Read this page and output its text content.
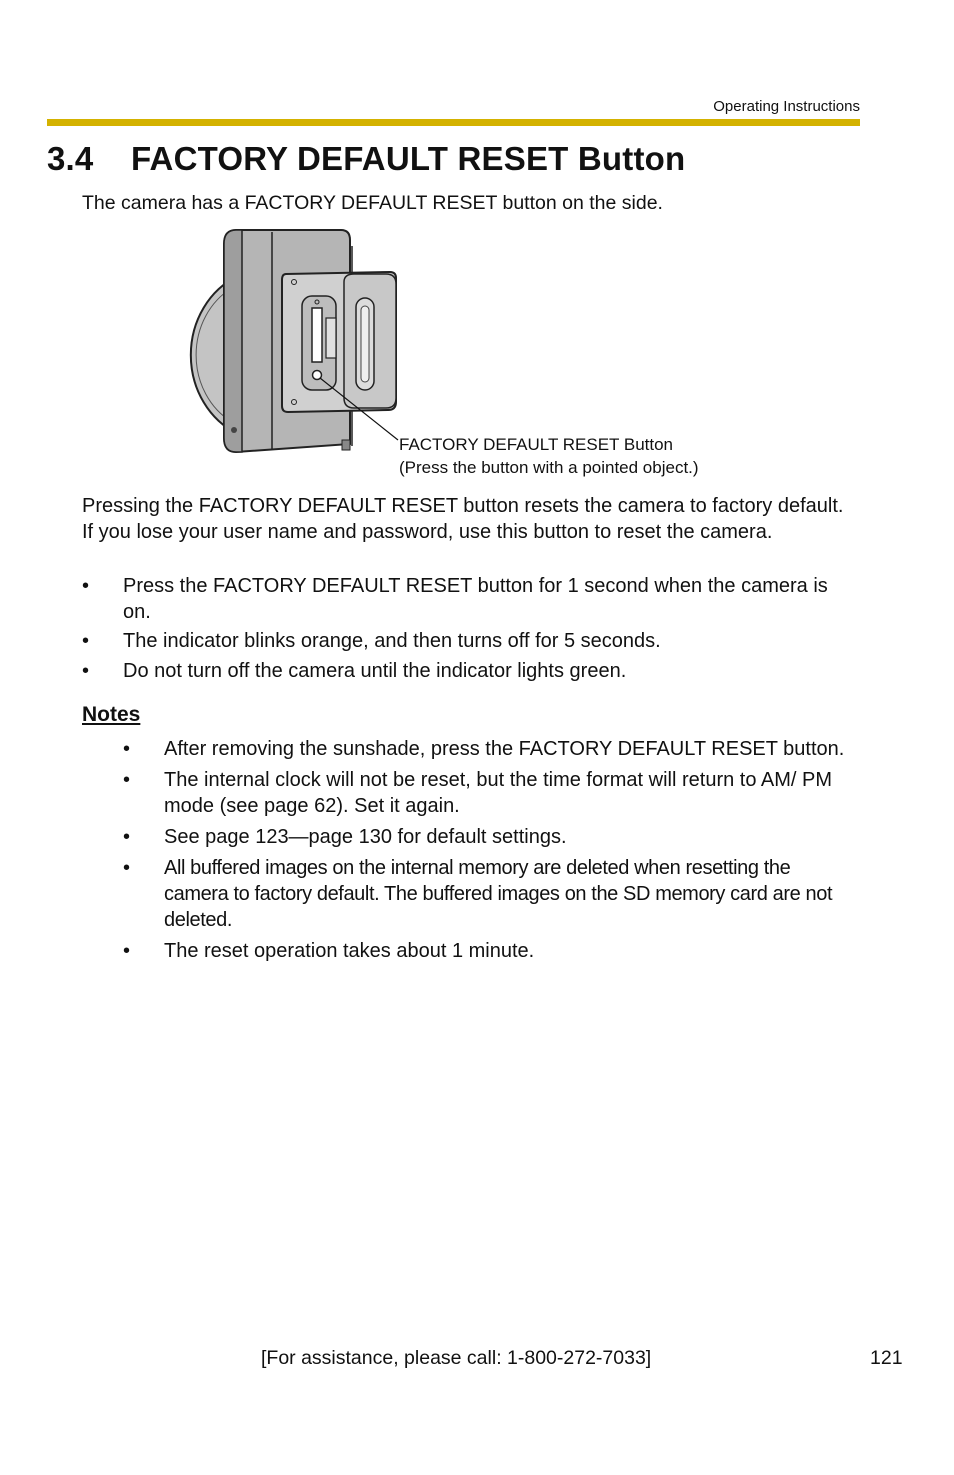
Operating Instructions
3.4 FACTORY DEFAULT RESET Button

The camera has a FACTORY DEFAULT RESET button on the side.

FACTORY DEFAULT RESET Button
(Press the button with a pointed object.)

Pressing the FACTORY DEFAULT RESET button resets the camera to factory default. If you lose your user name and password, use this button to reset the camera.

• Press the FACTORY DEFAULT RESET button for 1 second when the camera is on.
• The indicator blinks orange, and then turns off for 5 seconds.
• Do not turn off the camera until the indicator lights green.
Notes
• After removing the sunshade, press the FACTORY DEFAULT RESET button.
• The internal clock will not be reset, but the time format will return to AM/ PM mode (see page 62). Set it again.
• See page 123—page 130 for default settings.
• All buffered images on the internal memory are deleted when resetting the camera to factory default. The buffered images on the SD memory card are not deleted.
• The reset operation takes about 1 minute.
[For assistance, please call: 1-800-272-7033]	121
